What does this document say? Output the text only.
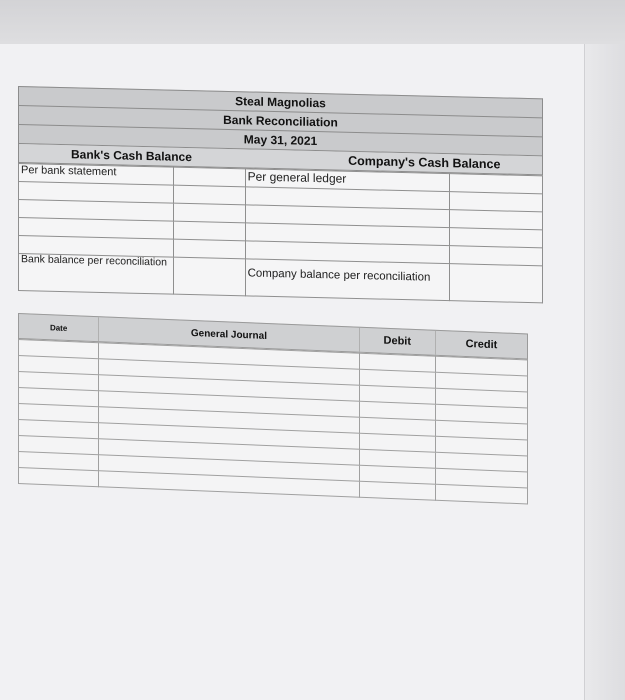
Steal Magnolias
Bank Reconciliation
May 31, 2021
Bank's Cash Balance	Company's Cash Balance
Per bank statement		Per general ledger	

Bank balance per reconciliation		Company balance per reconciliation	
Date	General Journal	Debit	Credit
